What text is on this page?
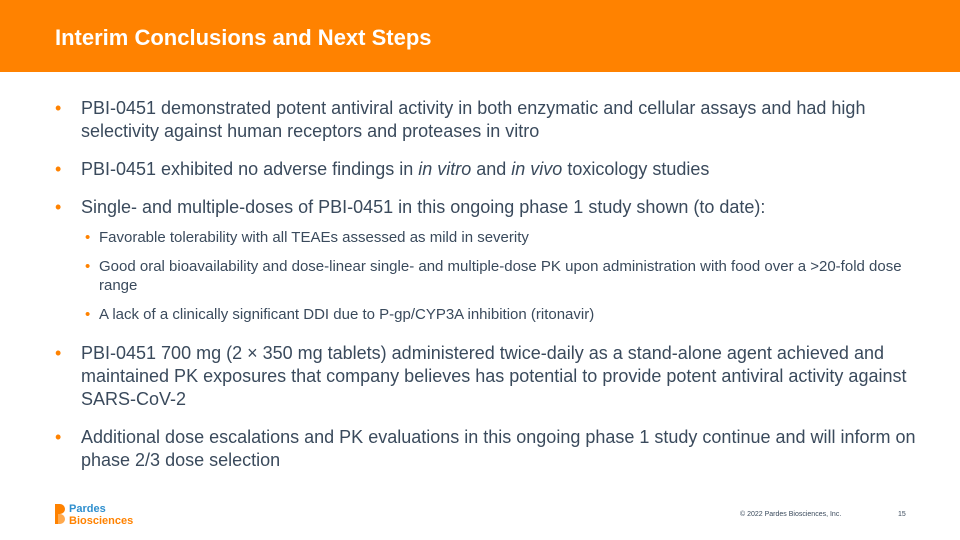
Interim Conclusions and Next Steps
• PBI-0451 demonstrated potent antiviral activity in both enzymatic and cellular assays and had high selectivity against human receptors and proteases in vitro
• PBI-0451 exhibited no adverse findings in in vitro and in vivo toxicology studies
• Single- and multiple-doses of PBI-0451 in this ongoing phase 1 study shown (to date):
• Favorable tolerability with all TEAEs assessed as mild in severity
• Good oral bioavailability and dose-linear single- and multiple-dose PK upon administration with food over a >20-fold dose range
• A lack of a clinically significant DDI due to P-gp/CYP3A inhibition (ritonavir)
• PBI-0451 700 mg (2 × 350 mg tablets) administered twice-daily as a stand-alone agent achieved and maintained PK exposures that company believes has potential to provide potent antiviral activity against SARS-CoV-2
• Additional dose escalations and PK evaluations in this ongoing phase 1 study continue and will inform on phase 2/3 dose selection
Pardes
Biosciences
© 2022 Pardes Biosciences, Inc.	15
